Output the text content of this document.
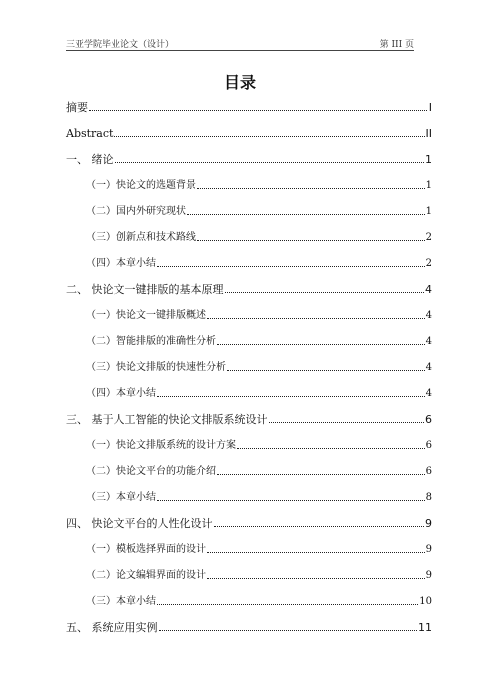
三亚学院毕业论文（设计）	第 III 页
目录
摘要	I
Abstract	II
一、 绪论	1
（一）快论文的选题背景	1
（二）国内外研究现状	1
（三）创新点和技术路线	2
（四）本章小结	2
二、 快论文一键排版的基本原理	4
（一）快论文一键排版概述	4
（二）智能排版的准确性分析	4
（三）快论文排版的快速性分析	4
（四）本章小结	4
三、 基于人工智能的快论文排版系统设计	6
（一）快论文排版系统的设计方案	6
（二）快论文平台的功能介绍	6
（三）本章小结	8
四、 快论文平台的人性化设计	9
（一）模板选择界面的设计	9
（二）论文编辑界面的设计	9
（三）本章小结	10
五、 系统应用实例	11
